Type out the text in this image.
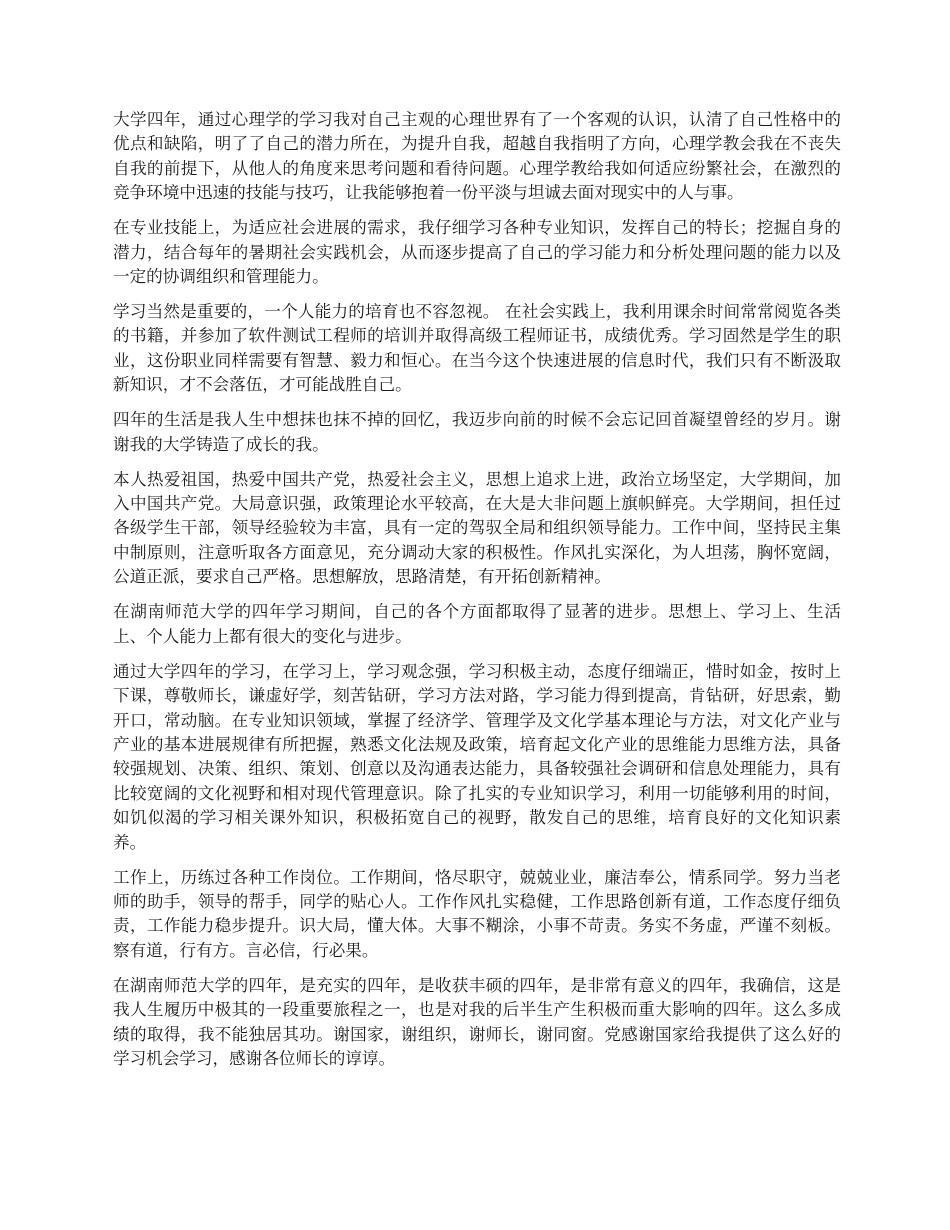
大学四年，通过心理学的学习我对自己主观的心理世界有了一个客观的认识，认清了自己性格中的优点和缺陷，明了了自己的潜力所在，为提升自我，超越自我指明了方向，心理学教会我在不丧失自我的前提下，从他人的角度来思考问题和看待问题。心理学教给我如何适应纷繁社会，在激烈的竞争环境中迅速的技能与技巧，让我能够抱着一份平淡与坦诚去面对现实中的人与事。

在专业技能上，为适应社会进展的需求，我仔细学习各种专业知识，发挥自己的特长；挖掘自身的潜力，结合每年的暑期社会实践机会，从而逐步提高了自己的学习能力和分析处理问题的能力以及一定的协调组织和管理能力。

学习当然是重要的，一个人能力的培育也不容忽视。 在社会实践上，我利用课余时间常常阅览各类的书籍，并参加了软件测试工程师的培训并取得高级工程师证书，成绩优秀。学习固然是学生的职业，这份职业同样需要有智慧、毅力和恒心。在当今这个快速进展的信息时代，我们只有不断汲取新知识，才不会落伍，才可能战胜自己。

四年的生活是我人生中想抹也抹不掉的回忆，我迈步向前的时候不会忘记回首凝望曾经的岁月。谢谢我的大学铸造了成长的我。

本人热爱祖国，热爱中国共产党，热爱社会主义，思想上追求上进，政治立场坚定，大学期间，加入中国共产党。大局意识强，政策理论水平较高，在大是大非问题上旗帜鲜亮。大学期间，担任过各级学生干部，领导经验较为丰富，具有一定的驾驭全局和组织领导能力。工作中间，坚持民主集中制原则，注意听取各方面意见，充分调动大家的积极性。作风扎实深化，为人坦荡，胸怀宽阔，公道正派，要求自己严格。思想解放，思路清楚，有开拓创新精神。

在湖南师范大学的四年学习期间，自己的各个方面都取得了显著的进步。思想上、学习上、生活上、个人能力上都有很大的变化与进步。

通过大学四年的学习，在学习上，学习观念强，学习积极主动，态度仔细端正，惜时如金，按时上下课，尊敬师长，谦虚好学，刻苦钻研，学习方法对路，学习能力得到提高，肯钻研，好思索，勤开口，常动脑。在专业知识领域，掌握了经济学、管理学及文化学基本理论与方法，对文化产业与产业的基本进展规律有所把握，熟悉文化法规及政策，培育起文化产业的思维能力思维方法，具备较强规划、决策、组织、策划、创意以及沟通表达能力，具备较强社会调研和信息处理能力，具有比较宽阔的文化视野和相对现代管理意识。除了扎实的专业知识学习，利用一切能够利用的时间，如饥似渴的学习相关课外知识，积极拓宽自己的视野，散发自己的思维，培育良好的文化知识素养。

工作上，历练过各种工作岗位。工作期间，恪尽职守，兢兢业业，廉洁奉公，情系同学。努力当老师的助手，领导的帮手，同学的贴心人。工作作风扎实稳健，工作思路创新有道，工作态度仔细负责，工作能力稳步提升。识大局，懂大体。大事不糊涂，小事不苛责。务实不务虚，严谨不刻板。察有道，行有方。言必信，行必果。

在湖南师范大学的四年，是充实的四年，是收获丰硕的四年，是非常有意义的四年，我确信，这是我人生履历中极其的一段重要旅程之一，也是对我的后半生产生积极而重大影响的四年。这么多成绩的取得，我不能独居其功。谢国家，谢组织，谢师长，谢同窗。党感谢国家给我提供了这么好的学习机会学习，感谢各位师长的谆谆。
